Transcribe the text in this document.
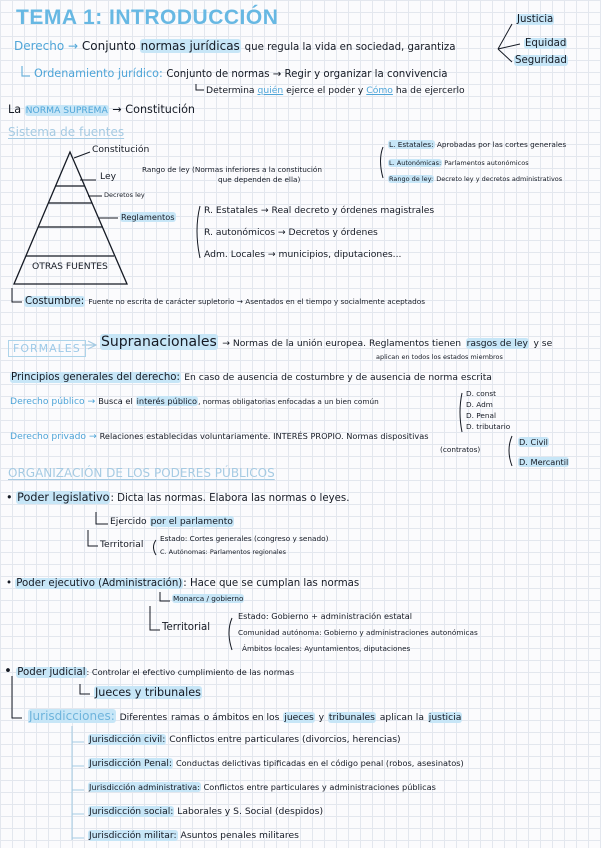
TEMA 1: INTRODUCCIÓN
Derecho → Conjunto normas jurídicas que regula la vida en sociedad, garantiza
Justicia
Equidad
Seguridad
Ordenamiento jurídico: Conjunto de normas → Regir y organizar la convivencia
Determina quién ejerce el poder y Cómo ha de ejercerlo
La NORMA SUPREMA → Constitución
Sistema de fuentes
Constitución
Ley
Decretos ley
Reglamentos
OTRAS FUENTES
Rango de ley (Normas inferiores a la constitución
que dependen de ella)
L. Estatales: Aprobadas por las cortes generales
L. Autonómicas: Parlamentos autonómicos
Rango de ley: Decreto ley y decretos administrativos
R. Estatales → Real decreto y órdenes magistrales
R. autonómicos → Decretos y órdenes
Adm. Locales → municipios, diputaciones...
Costumbre: Fuente no escrita de carácter supletorio → Asentados en el tiempo y socialmente aceptados
FORMALES	Supranacionales → Normas de la unión europea. Reglamentos tienen rasgos de ley y se
aplican en todos los estados miembros
Principios generales del derecho: En caso de ausencia de costumbre y de ausencia de norma escrita
Derecho público → Busca el interés público, normas obligatorias enfocadas a un bien común
D. const
D. Adm
D. Penal
D. tributario
Derecho privado → Relaciones establecidas voluntariamente. INTERÉS PROPIO. Normas dispositivas
(contratos)
D. Civil
D. Mercantil
ORGANIZACIÓN DE LOS PODERES PÚBLICOS
• Poder legislativo: Dicta las normas. Elabora las normas o leyes.
Ejercido por el parlamento
Territorial
Estado: Cortes generales (congreso y senado)
C. Autónomas: Parlamentos regionales
• Poder ejecutivo (Administración): Hace que se cumplan las normas
Monarca / gobierno
Territorial
Estado: Gobierno + administración estatal
Comunidad autónoma: Gobierno y administraciones autonómicas
Ámbitos locales: Ayuntamientos, diputaciones
• Poder judicial: Controlar el efectivo cumplimiento de las normas
Jueces y tribunales
Jurisdicciones: Diferentes ramas o ámbitos en los jueces y tribunales aplican la justicia
Jurisdicción civil: Conflictos entre particulares (divorcios, herencias)
Jurisdicción Penal: Conductas delictivas tipificadas en el código penal (robos, asesinatos)
Jurisdicción administrativa: Conflictos entre particulares y administraciones públicas
Jurisdicción social: Laborales y S. Social (despidos)
Jurisdicción militar: Asuntos penales militares
